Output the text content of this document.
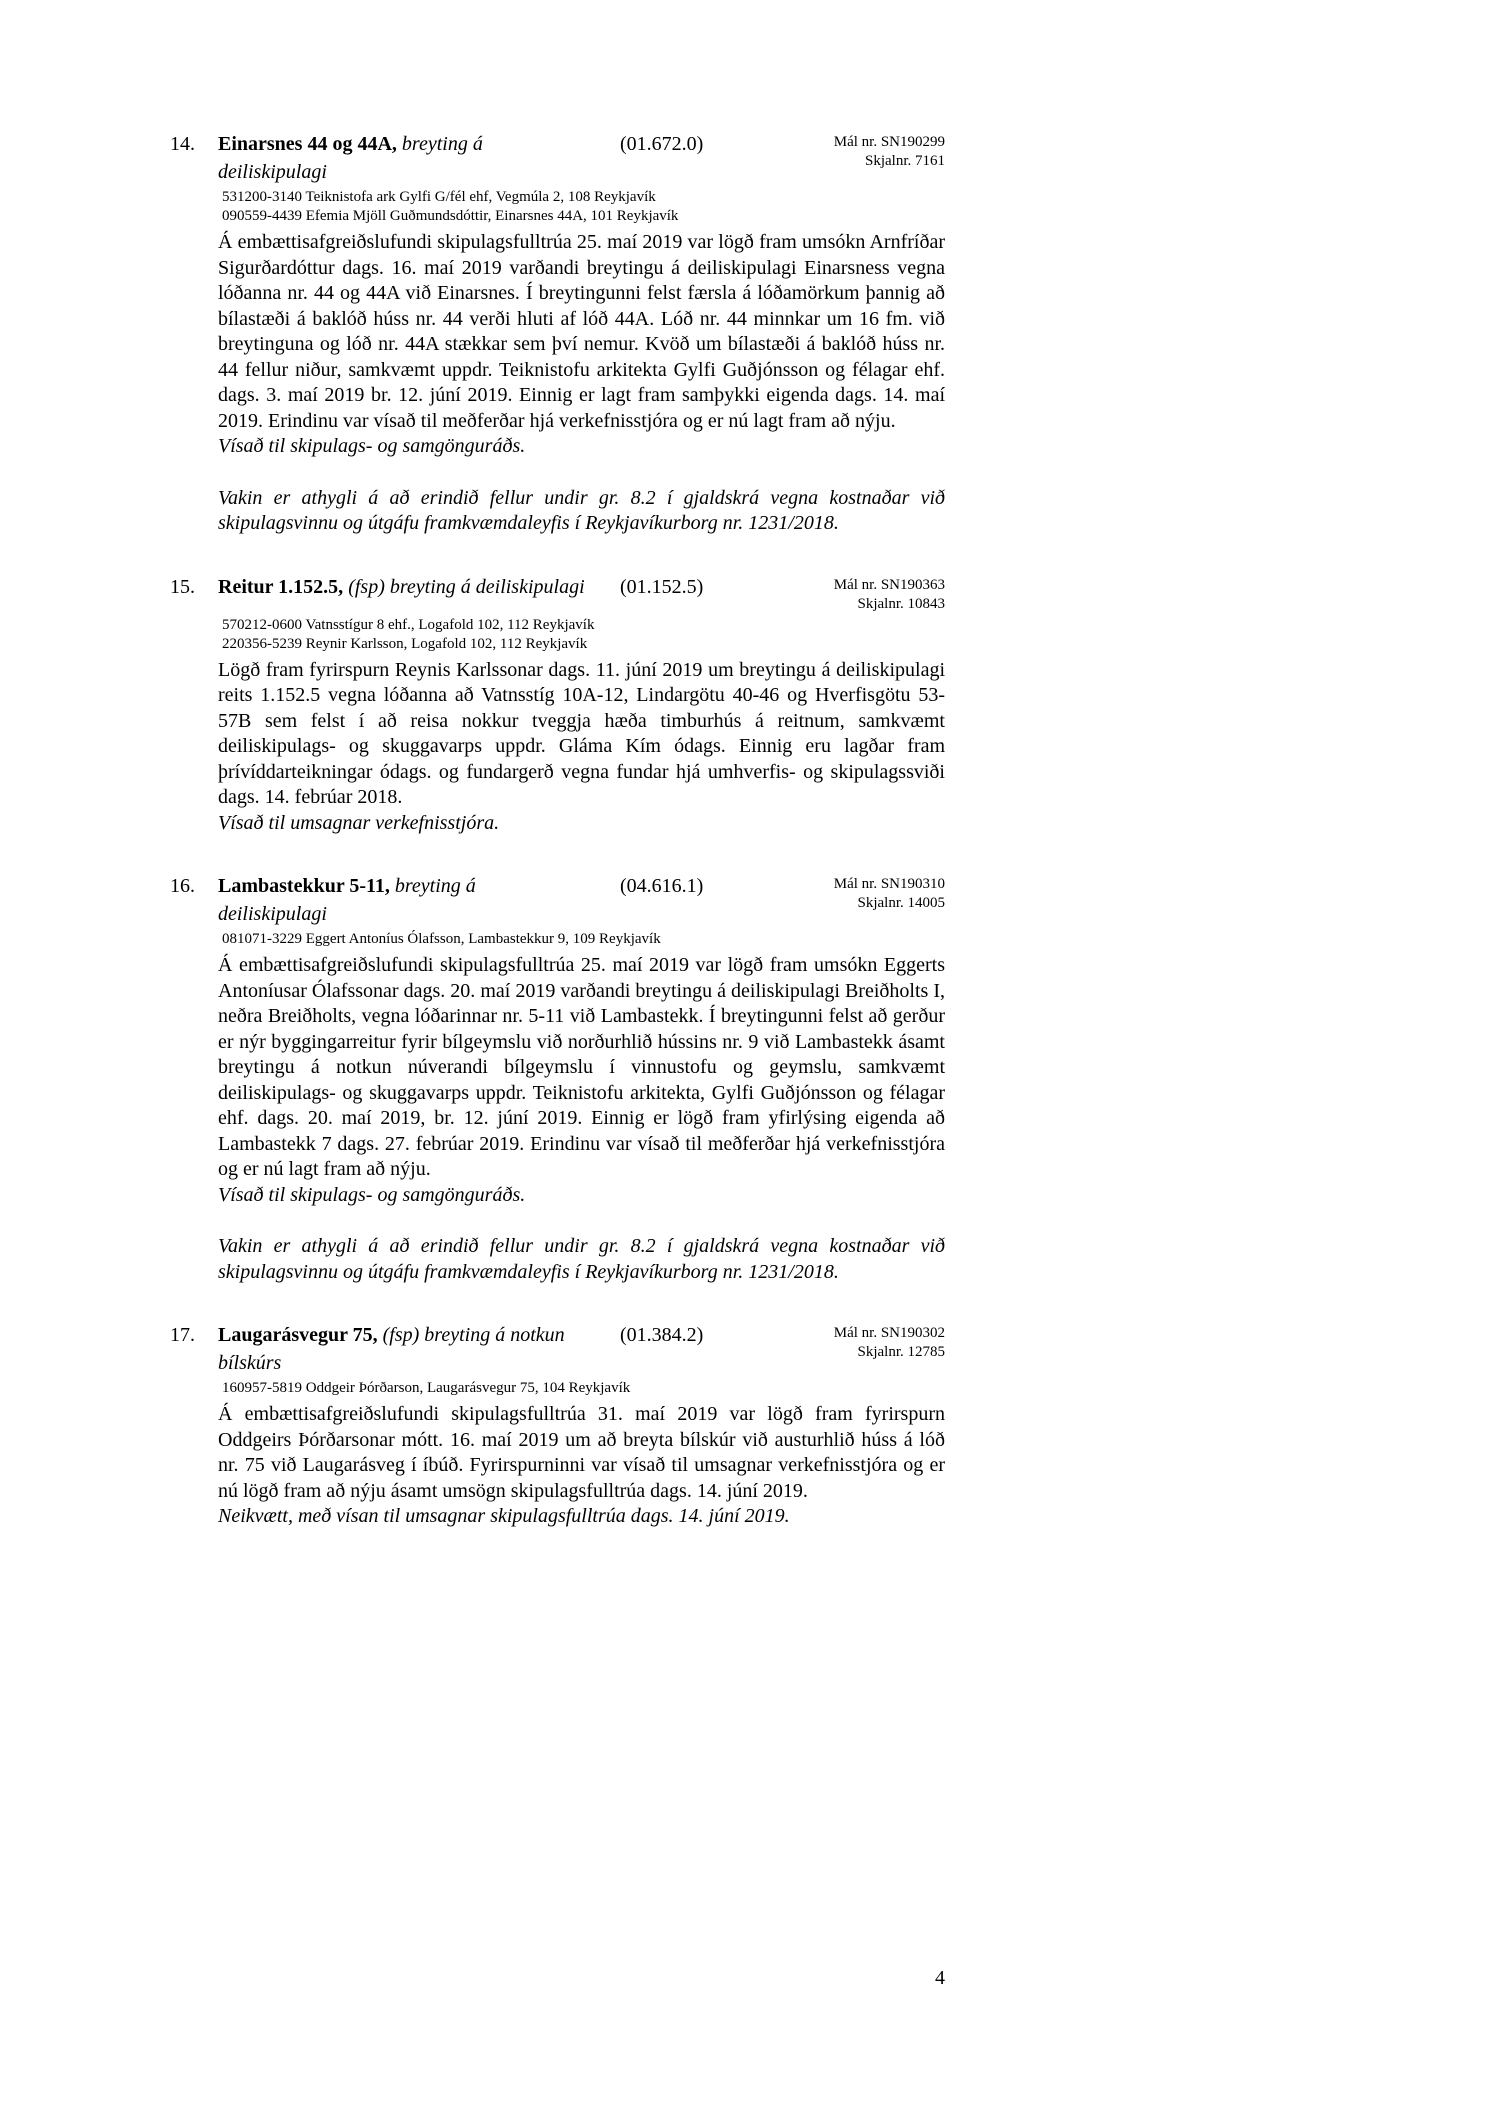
14.	Einarsnes 44 og 44A, breyting á deiliskipulagi
(01.672.0)	Mál nr. SN190299
Skjalnr. 7161
531200-3140 Teiknistofa ark Gylfi G/fél ehf, Vegmúla 2, 108 Reykjavík
090559-4439 Efemia Mjöll Guðmundsdóttir, Einarsnes 44A, 101 Reykjavík
Á embættisafgreiðslufundi skipulagsfulltrúa 25. maí 2019 var lögð fram umsókn Arnfríðar Sigurðardóttur dags. 16. maí 2019 varðandi breytingu á deiliskipulagi Einarsness vegna lóðanna nr. 44 og 44A við Einarsnes. Í breytingunni felst færsla á lóðamörkum þannig að bílastæði á baklóð húss nr. 44 verði hluti af lóð 44A. Lóð nr. 44 minnkar um 16 fm. við breytinguna og lóð nr. 44A stækkar sem því nemur. Kvöð um bílastæði á baklóð húss nr. 44 fellur niður, samkvæmt uppdr. Teiknistofu arkitekta Gylfi Guðjónsson og félagar ehf. dags. 3. maí 2019 br. 12. júní 2019. Einnig er lagt fram samþykki eigenda dags. 14. maí 2019. Erindinu var vísað til meðferðar hjá verkefnisstjóra og er nú lagt fram að nýju.
Vísað til skipulags- og samgönguráðs.
Vakin er athygli á að erindið fellur undir gr. 8.2 í gjaldskrá vegna kostnaðar við skipulagsvinnu og útgáfu framkvæmdaleyfis í Reykjavíkurborg nr. 1231/2018.
15.	Reitur 1.152.5, (fsp) breyting á deiliskipulagi	(01.152.5)	Mál nr. SN190363
Skjalnr. 10843
570212-0600 Vatnsstígur 8 ehf., Logafold 102, 112 Reykjavík
220356-5239 Reynir Karlsson, Logafold 102, 112 Reykjavík
Lögð fram fyrirspurn Reynis Karlssonar dags. 11. júní 2019 um breytingu á deiliskipulagi reits 1.152.5 vegna lóðanna að Vatnsstíg 10A-12, Lindargötu 40-46 og Hverfisgötu 53-57B sem felst í að reisa nokkur tveggja hæða timburhús á reitnum, samkvæmt deiliskipulags- og skuggavarps uppdr. Gláma Kím ódags. Einnig eru lagðar fram þrívíddarteikningar ódags. og fundargerð vegna fundar hjá umhverfis- og skipulagssviði dags. 14. febrúar 2018.
Vísað til umsagnar verkefnisstjóra.
16.	Lambastekkur 5-11, breyting á deiliskipulagi
(04.616.1)	Mál nr. SN190310
Skjalnr. 14005
081071-3229 Eggert Antoníus Ólafsson, Lambastekkur 9, 109 Reykjavík
Á embættisafgreiðslufundi skipulagsfulltrúa 25. maí 2019 var lögð fram umsókn Eggerts Antoníusar Ólafssonar dags. 20. maí 2019 varðandi breytingu á deiliskipulagi Breiðholts I, neðra Breiðholts, vegna lóðarinnar nr. 5-11 við Lambastekk. Í breytingunni felst að gerður er nýr byggingarreitur fyrir bílgeymslu við norðurhlið hússins nr. 9 við Lambastekk ásamt breytingu á notkun núverandi bílgeymslu í vinnustofu og geymslu, samkvæmt deiliskipulags- og skuggavarps uppdr. Teiknistofu arkitekta, Gylfi Guðjónsson og félagar ehf. dags. 20. maí 2019, br. 12. júní 2019. Einnig er lögð fram yfirlýsing eigenda að Lambastekk 7 dags. 27. febrúar 2019. Erindinu var vísað til meðferðar hjá verkefnisstjóra og er nú lagt fram að nýju.
Vísað til skipulags- og samgönguráðs.
Vakin er athygli á að erindið fellur undir gr. 8.2 í gjaldskrá vegna kostnaðar við skipulagsvinnu og útgáfu framkvæmdaleyfis í Reykjavíkurborg nr. 1231/2018.
17.	Laugarásvegur 75, (fsp) breyting á notkun bílskúrs
(01.384.2)	Mál nr. SN190302
Skjalnr. 12785
160957-5819 Oddgeir Þórðarson, Laugarásvegur 75, 104 Reykjavík
Á embættisafgreiðslufundi skipulagsfulltrúa 31. maí 2019 var lögð fram fyrirspurn Oddgeirs Þórðarsonar mótt. 16. maí 2019 um að breyta bílskúr við austurhlið húss á lóð nr. 75 við Laugarásveg í íbúð. Fyrirspurninni var vísað til umsagnar verkefnisstjóra og er nú lögð fram að nýju ásamt umsögn skipulagsfulltrúa dags. 14. júní 2019.
Neikvætt, með vísan til umsagnar skipulagsfulltrúa dags. 14. júní 2019.
4
